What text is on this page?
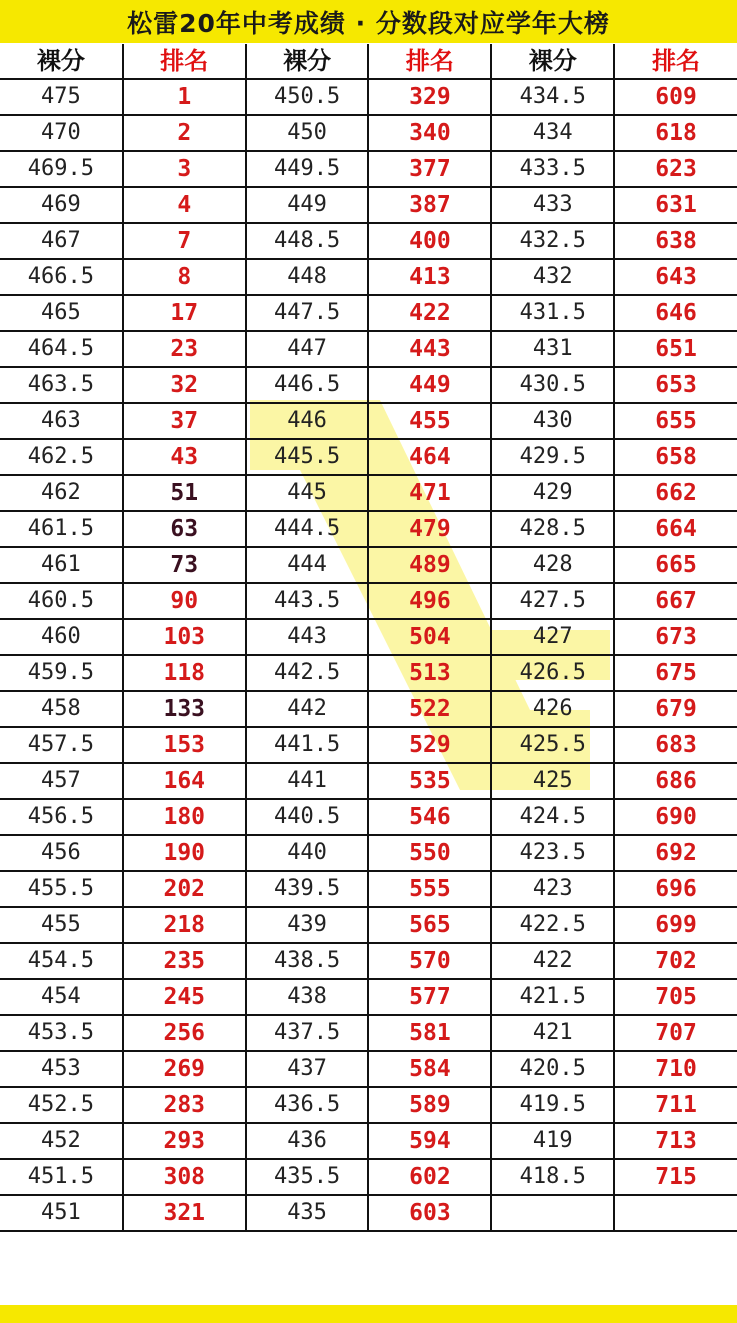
松雷20年中考成绩 · 分数段对应学年大榜
裸分	排名	裸分	排名	裸分	排名
475	1	450.5	329	434.5	609
470	2	450	340	434	618
469.5	3	449.5	377	433.5	623
469	4	449	387	433	631
467	7	448.5	400	432.5	638
466.5	8	448	413	432	643
465	17	447.5	422	431.5	646
464.5	23	447	443	431	651
463.5	32	446.5	449	430.5	653
463	37	446	455	430	655
462.5	43	445.5	464	429.5	658
462	51	445	471	429	662
461.5	63	444.5	479	428.5	664
461	73	444	489	428	665
460.5	90	443.5	496	427.5	667
460	103	443	504	427	673
459.5	118	442.5	513	426.5	675
458	133	442	522	426	679
457.5	153	441.5	529	425.5	683
457	164	441	535	425	686
456.5	180	440.5	546	424.5	690
456	190	440	550	423.5	692
455.5	202	439.5	555	423	696
455	218	439	565	422.5	699
454.5	235	438.5	570	422	702
454	245	438	577	421.5	705
453.5	256	437.5	581	421	707
453	269	437	584	420.5	710
452.5	283	436.5	589	419.5	711
452	293	436	594	419	713
451.5	308	435.5	602	418.5	715
451	321	435	603		
